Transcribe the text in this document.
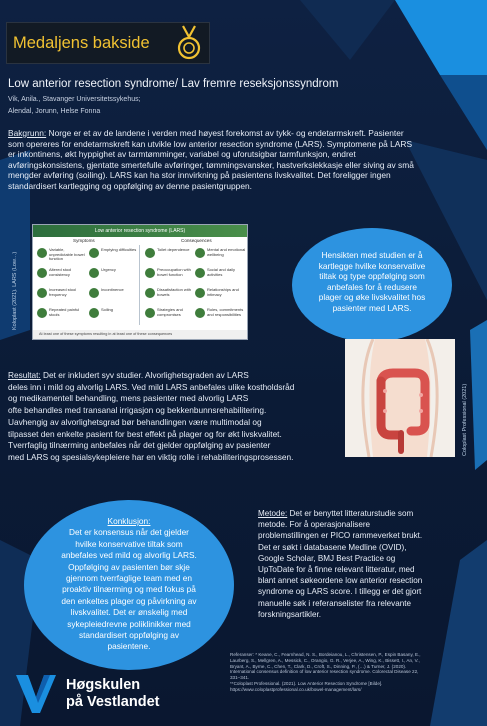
Medaljens bakside
Low anterior resection syndrome/ Lav fremre reseksjonssyndrom
Vik, Anila., Stavanger Universitetssykehus;
Alendal, Jorunn, Helse Fonna
Bakgrunn: Norge er et av de landene i verden med høyest forekomst av tykk- og endetarmskreft. Pasienter
som opereres for endetarmskreft kan utvikle low anterior resection syndrome (LARS). Symptomene på LARS
er inkontinens, økt hyppighet av tarmtømminger, variabel og uforutsigbar tarmfunksjon, endret
avføringskonsistens, gjentatte smertefulle avføringer, tømmingsvansker, hastverkslekkasje eller siving av små
mengder avføring (soiling). LARS kan ha stor innvirkning på pasientens livskvalitet. Det foreligger ingen
standardisert kartlegging og oppfølging av denne pasientgruppen.
Koloplast (2021). LARS (Low…)
Low anterior resection syndrome (LARS)
Symptoms	Consequences
Variable, unpredictable bowel function
Emptying difficulties
Altered stool consistency
Urgency
Increased stool frequency
Incontinence
Repeated painful stools
Soiling
Toilet dependence	Mental and emotional wellbeing
Preoccupation with bowel function
Social and daily activities
Dissatisfaction with bowels
Relationships and intimacy
Strategies and compromises
Roles, commitments and responsibilities
At least one of these symptoms resulting in at least one of these consequences
Hensikten med studien er å
kartlegge hvilke konservative
tiltak og type oppfølging som
anbefales for å redusere
plager og øke livskvalitet hos
pasienter med LARS.
Resultat: Det er inkludert syv studier. Alvorlighetsgraden av LARS
deles inn i mild og alvorlig LARS. Ved mild LARS anbefales ulike kostholdsråd
og medikamentell behandling, mens pasienter med alvorlig LARS
ofte behandles med transanal irrigasjon og bekkenbunnsrehabilitering.
Uavhengig av alvorlighetsgrad bør behandlingen være multimodal og
tilpasset den enkelte pasient for best effekt på plager og for økt livskvalitet.
Tverrfaglig tilnærming anbefales når det gjelder oppfølging av pasienter
med LARS og spesialsykepleiere har en viktig rolle i rehabiliteringsprosessen.
Coloplast Professional (2021)
Konklusjon:
Det er konsensus når det gjelder
hvilke konservative tiltak som
anbefales ved mild og alvorlig LARS.
Oppfølging av pasienten bør skje
gjennom tverrfaglige team med en
proaktiv tilnærming og med fokus på
den enkeltes plager og påvirkning av
livskvalitet. Det er ønskelig med
sykepleiedrevne poliklinikker med
standardisert oppfølging av
pasientene.
Metode: Det er benyttet litteraturstudie som
metode. For å operasjonalisere
problemstillingen er PICO rammeverket brukt.
Det er søkt i databasene Medline (OVID),
Google Scholar, BMJ Best Practice og
UpToDate for å finne relevant litteratur, med
blant annet søkeordene low anterior resection
syndrome og LARS score. I tillegg er det gjort
manuelle søk i referanselister fra relevante
forskningsartikler.
Referanser: * Keane, C., Fearnhead, N. S., Bordeianou, L., Christensen, P., Espin Basany, E.,
Laurberg, S., Mellgren, A., Messick, C., Orangio, G. R., Verjee, A., Wing, K., Bissett, I., An, V.,
Bryant, A., Byrne, C., Chen, T., Clark, D., Croft, S., Dinning, P., (…) & Turner, J. (2020).
International consensus definition of low anterior resection syndrome. Colorectal Disease 22,
331–341.
**Coloplast Professional. (2021). Low Anterior Resection Syndrome [Bilde].
https://www.coloplastprofessional.co.uk/bowel-management/lars/
Høgskulen
på Vestlandet
